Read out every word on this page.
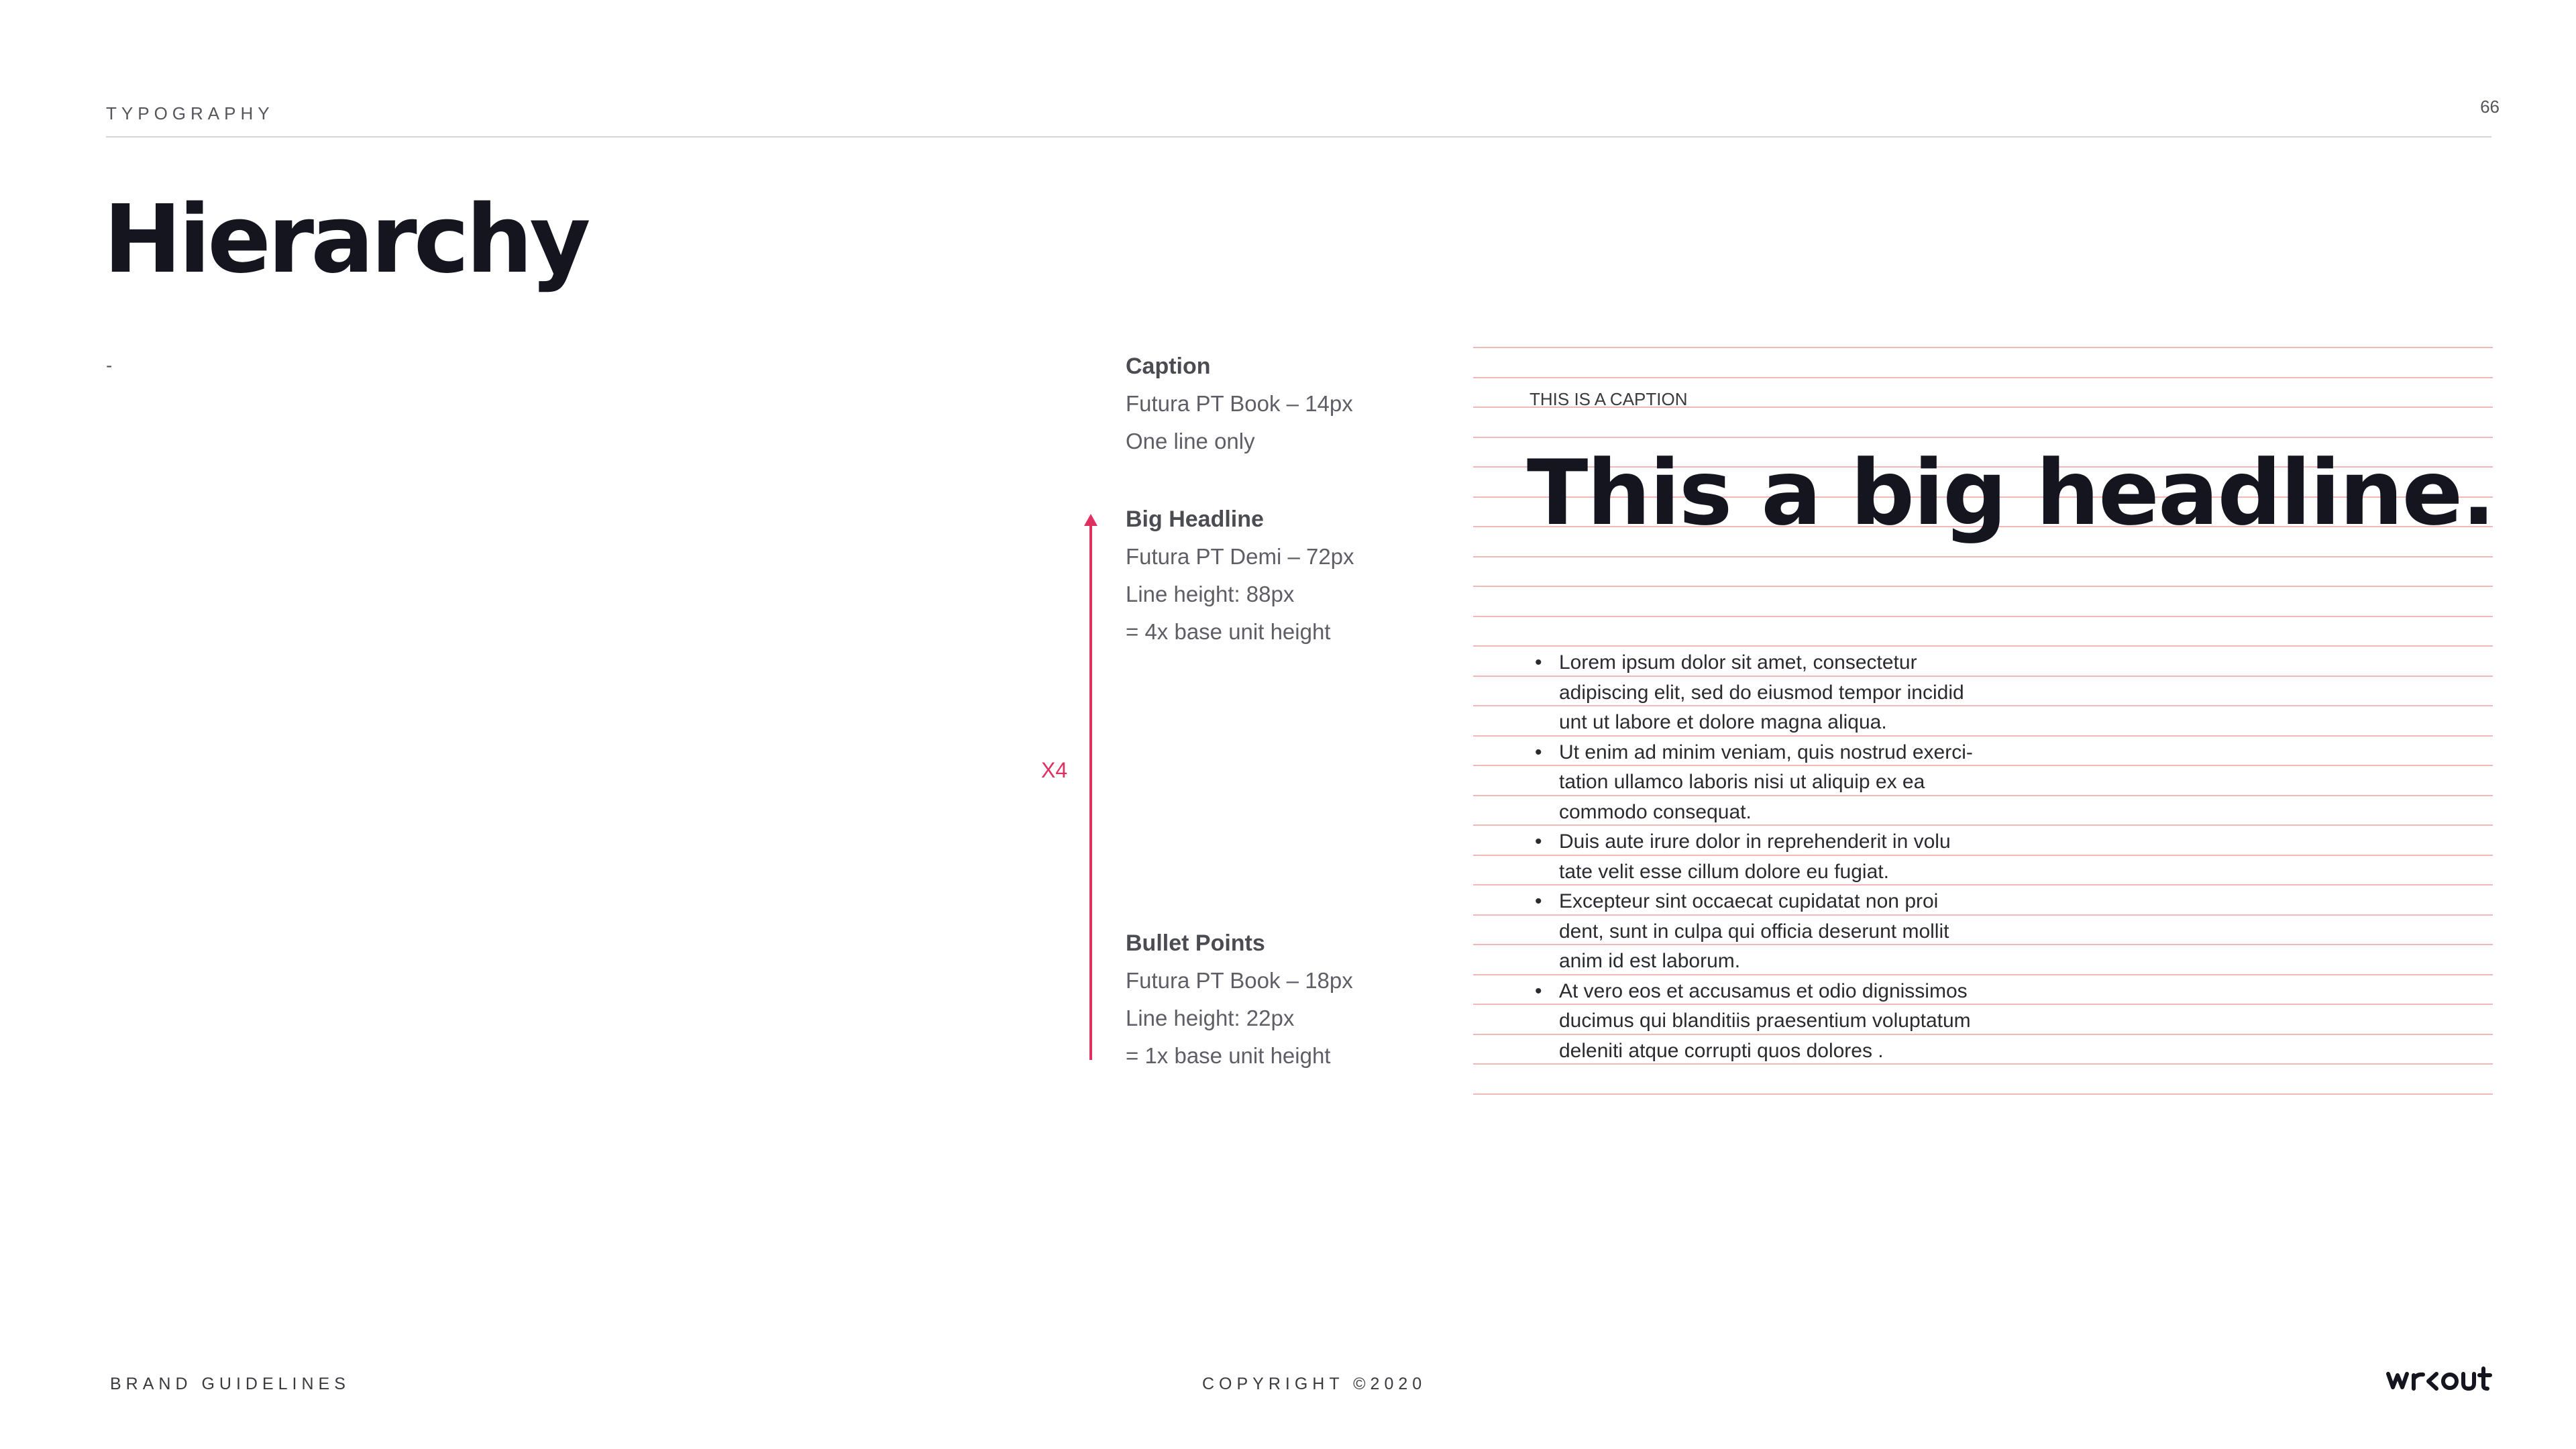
TYPOGRAPHY	66

Hierarchy

-	Caption
Futura PT Book – 14px
One line only
Big Headline
Futura PT Demi – 72px
Line height: 88px
= 4x base unit height
Bullet Points
Futura PT Book – 18px
Line height: 22px
= 1x base unit height

X4

THIS IS A CAPTION

This a big headline.
• Lorem ipsum dolor sit amet, consectetur
adipiscing elit, sed do eiusmod tempor incidid
unt ut labore et dolore magna aliqua.
• Ut enim ad minim veniam, quis nostrud exerci-
tation ullamco laboris nisi ut aliquip ex ea
commodo consequat.
• Duis aute irure dolor in reprehenderit in volu
tate velit esse cillum dolore eu fugiat.
• Excepteur sint occaecat cupidatat non proi
dent, sunt in culpa qui officia deserunt mollit
anim id est laborum.
• At vero eos et accusamus et odio dignissimos
ducimus qui blanditiis praesentium voluptatum
deleniti atque corrupti quos dolores .

BRAND GUIDELINES	COPYRIGHT ©2020
